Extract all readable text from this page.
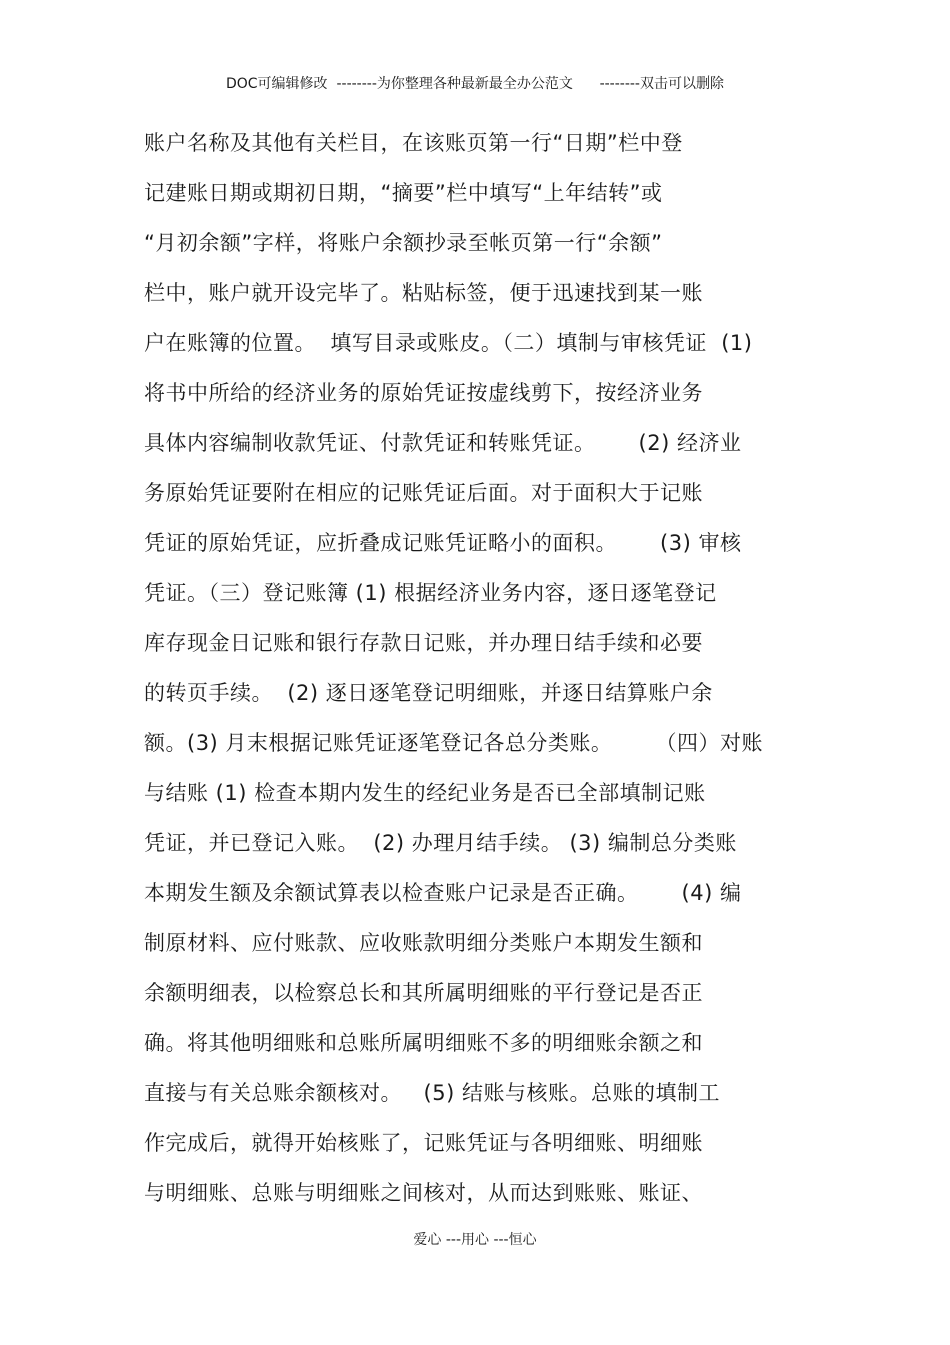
DOC可编辑修改  --------为你整理各种最新最全办公范文      --------双击可以删除
账户名称及其他有关栏目，在该账页第一行“日期”栏中登
记建账日期或期初日期，“摘要”栏中填写“上年结转”或
“月初余额”字样，将账户余额抄录至帐页第一行“余额”
栏中，账户就开设完毕了。粘贴标签，便于迅速找到某一账
户在账簿的位置。  填写目录或账皮。（二）填制与审核凭证  (1)
将书中所给的经济业务的原始凭证按虚线剪下，按经济业务
具体内容编制收款凭证、付款凭证和转账凭证。      (2) 经济业
务原始凭证要附在相应的记账凭证后面。对于面积大于记账
凭证的原始凭证，应折叠成记账凭证略小的面积。      (3) 审核
凭证。（三）登记账簿 (1) 根据经济业务内容，逐日逐笔登记
库存现金日记账和银行存款日记账，并办理日结手续和必要
的转页手续。  (2) 逐日逐笔登记明细账，并逐日结算账户余
额。(3) 月末根据记账凭证逐笔登记各总分类账。      （四）对账
与结账 (1) 检查本期内发生的经纪业务是否已全部填制记账
凭证，并已登记入账。  (2) 办理月结手续。 (3) 编制总分类账
本期发生额及余额试算表以检查账户记录是否正确。      (4) 编
制原材料、应付账款、应收账款明细分类账户本期发生额和
余额明细表，以检察总长和其所属明细账的平行登记是否正
确。将其他明细账和总账所属明细账不多的明细账余额之和
直接与有关总账余额核对。   (5) 结账与核账。总账的填制工
作完成后，就得开始核账了，记账凭证与各明细账、明细账
与明细账、总账与明细账之间核对，从而达到账账、账证、
爱心 ---用心 ---恒心
